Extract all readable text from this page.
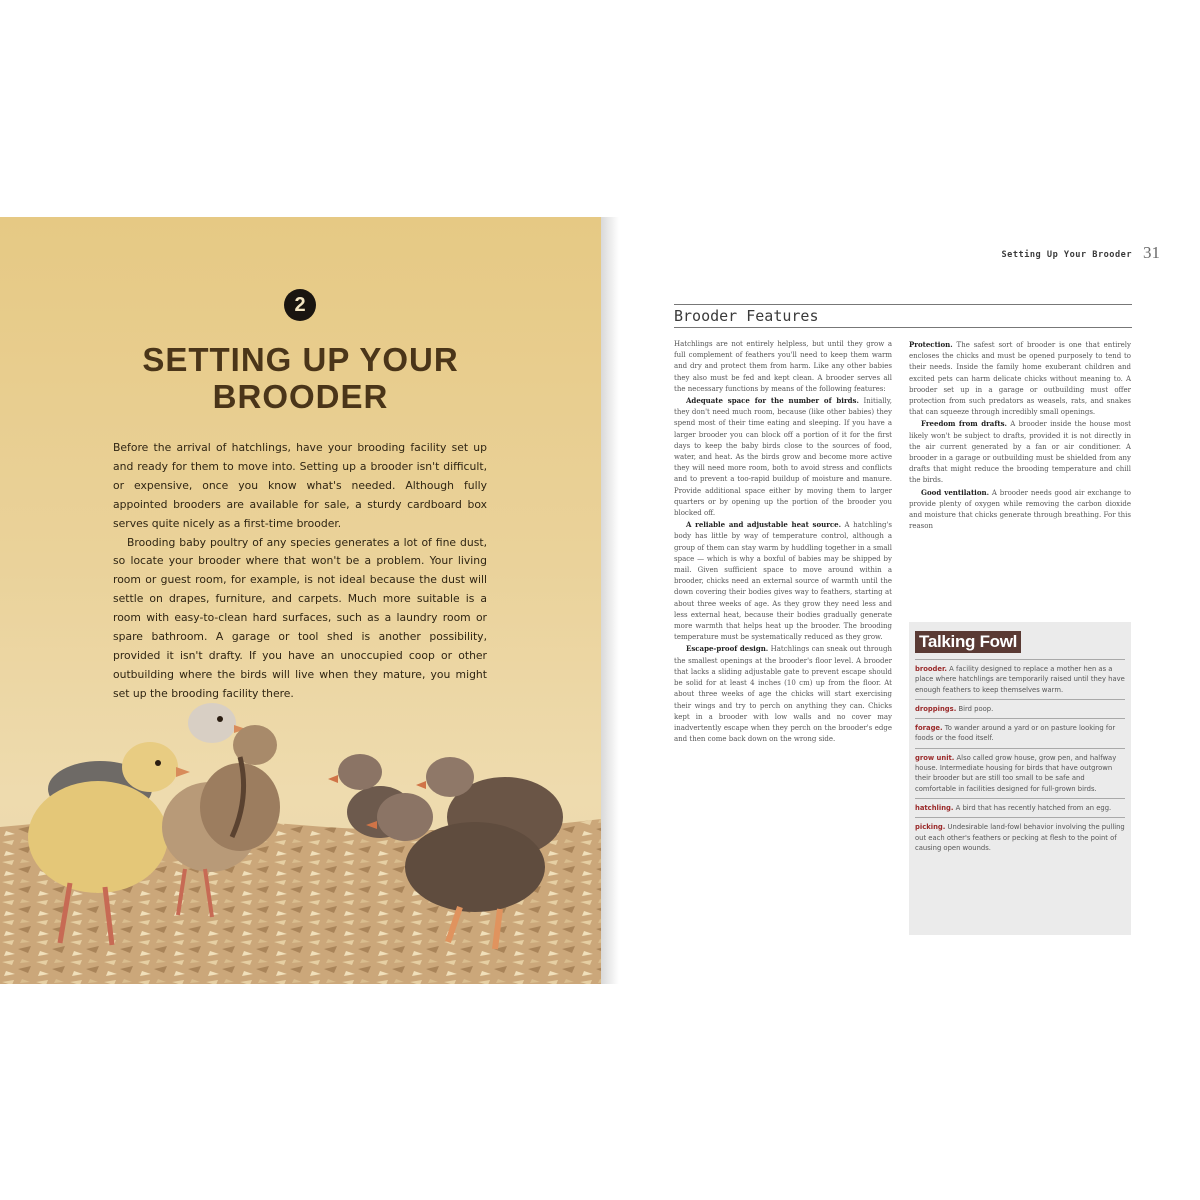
2
SETTING UP YOUR
BROODER

Before the arrival of hatchlings, have your brooding facility set up and ready for them to move into. Setting up a brooder isn't difficult, or expensive, once you know what's needed. Although fully appointed brooders are available for sale, a sturdy cardboard box serves quite nicely as a first-time brooder.

Brooding baby poultry of any species generates a lot of fine dust, so locate your brooder where that won't be a problem. Your living room or guest room, for example, is not ideal because the dust will settle on drapes, furniture, and carpets. Much more suitable is a room with easy-to-clean hard surfaces, such as a laundry room or spare bathroom. A garage or tool shed is another possibility, provided it isn't drafty. If you have an unoccupied coop or other outbuilding where the birds will live when they mature, you might set up the brooding facility there.

Setting Up Your Brooder 31
Brooder Features

Hatchlings are not entirely helpless, but until they grow a full complement of feathers you'll need to keep them warm and dry and protect them from harm. Like any other babies they also must be fed and kept clean. A brooder serves all the necessary functions by means of the following features:

Adequate space for the number of birds. Initially, they don't need much room, because (like other babies) they spend most of their time eating and sleeping. If you have a larger brooder you can block off a portion of it for the first days to keep the baby birds close to the sources of food, water, and heat. As the birds grow and become more active they will need more room, both to avoid stress and conflicts and to prevent a too-rapid buildup of moisture and manure. Provide additional space either by moving them to larger quarters or by opening up the portion of the brooder you blocked off.

A reliable and adjustable heat source. A hatchling's body has little by way of temperature control, although a group of them can stay warm by huddling together in a small space — which is why a boxful of babies may be shipped by mail. Given sufficient space to move around within a brooder, chicks need an external source of warmth until the down covering their bodies gives way to feathers, starting at about three weeks of age. As they grow they need less and less external heat, because their bodies gradually generate more warmth that helps heat up the brooder. The brooding temperature must be systematically reduced as they grow.

Escape-proof design. Hatchlings can sneak out through the smallest openings at the brooder's floor level. A brooder that lacks a sliding adjustable gate to prevent escape should be solid for at least 4 inches (10 cm) up from the floor. At about three weeks of age the chicks will start exercising their wings and try to perch on anything they can. Chicks kept in a brooder with low walls and no cover may inadvertently escape when they perch on the brooder's edge and then come back down on the wrong side.

Protection. The safest sort of brooder is one that entirely encloses the chicks and must be opened purposely to tend to their needs. Inside the family home exuberant children and excited pets can harm delicate chicks without meaning to. A brooder set up in a garage or outbuilding must offer protection from such predators as weasels, rats, and snakes that can squeeze through incredibly small openings.

Freedom from drafts. A brooder inside the house most likely won't be subject to drafts, provided it is not directly in the air current generated by a fan or air conditioner. A brooder in a garage or outbuilding must be shielded from any drafts that might reduce the brooding temperature and chill the birds.

Good ventilation. A brooder needs good air exchange to provide plenty of oxygen while removing the carbon dioxide and moisture that chicks generate through breathing. For this reason

Talking Fowl
brooder. A facility designed to replace a mother hen as a place where hatchlings are temporarily raised until they have enough feathers to keep themselves warm.
droppings. Bird poop.
forage. To wander around a yard or on pasture looking for foods or the food itself.
grow unit. Also called grow house, grow pen, and halfway house. Intermediate housing for birds that have outgrown their brooder but are still too small to be safe and comfortable in facilities designed for full-grown birds.
hatchling. A bird that has recently hatched from an egg.
picking. Undesirable land-fowl behavior involving the pulling out each other's feathers or pecking at flesh to the point of causing open wounds.
